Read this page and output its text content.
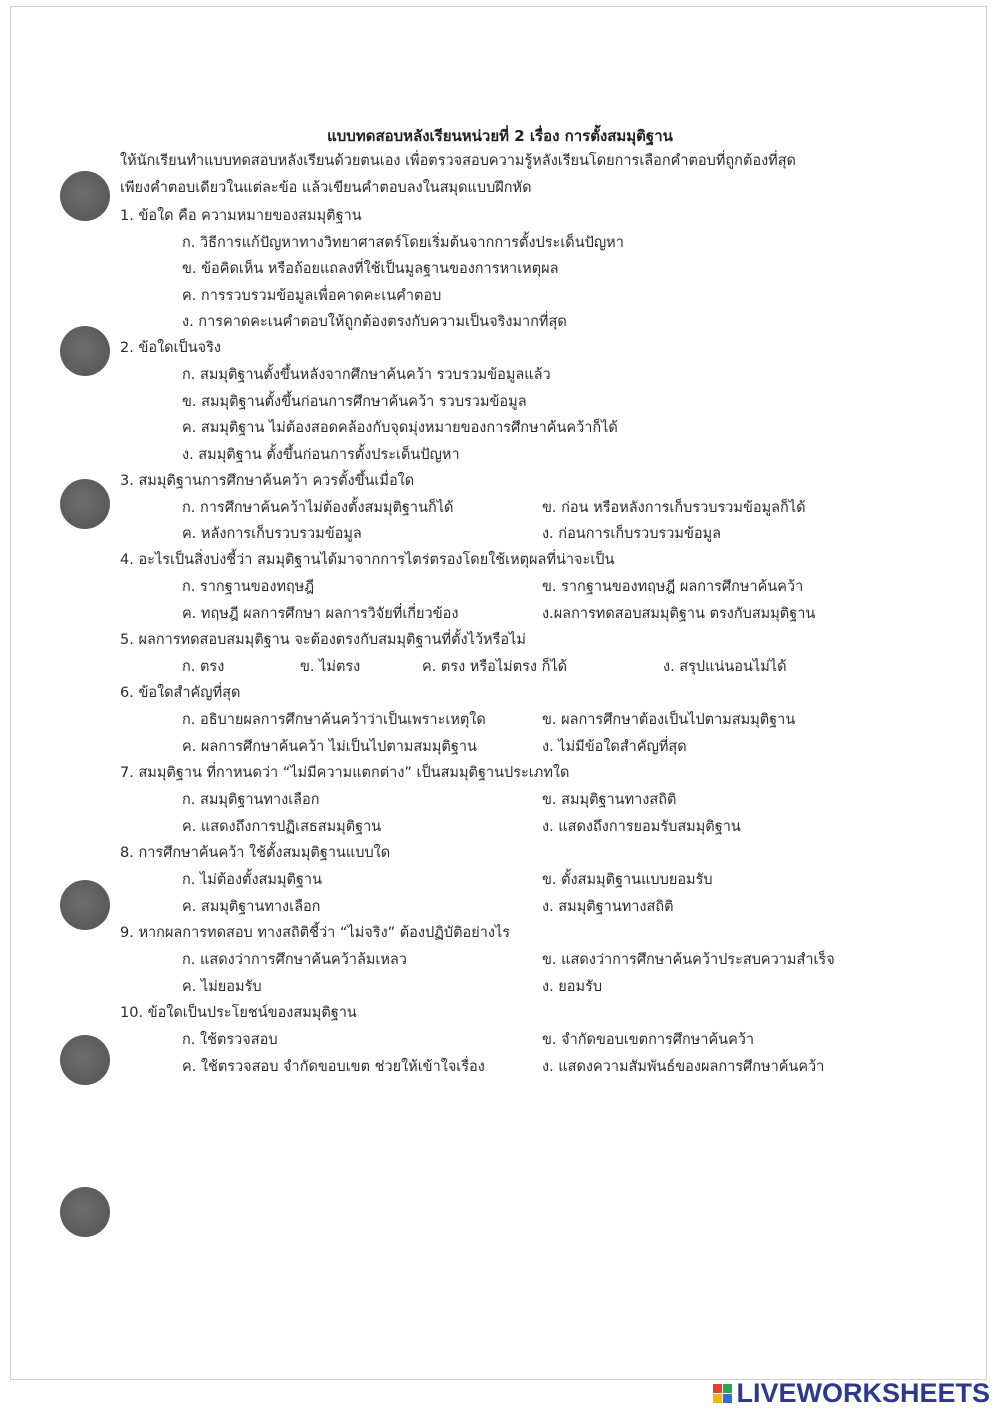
แบบทดสอบหลังเรียนหน่วยที่ 2 เรื่อง การตั้งสมมุติฐาน
ให้นักเรียนทำแบบทดสอบหลังเรียนด้วยตนเอง เพื่อตรวจสอบความรู้หลังเรียนโดยการเลือกคำตอบที่ถูกต้องที่สุด
เพียงคำตอบเดียวในแต่ละข้อ แล้วเขียนคำตอบลงในสมุดแบบฝึกหัด
1. ข้อใด คือ ความหมายของสมมุติฐาน
ก. วิธีการแก้ปัญหาทางวิทยาศาสตร์โดยเริ่มต้นจากการตั้งประเด็นปัญหา
ข. ข้อคิดเห็น หรือถ้อยแถลงที่ใช้เป็นมูลฐานของการหาเหตุผล
ค. การรวบรวมข้อมูลเพื่อคาดคะเนคำตอบ
ง. การคาดคะเนคำตอบให้ถูกต้องตรงกับความเป็นจริงมากที่สุด
2. ข้อใดเป็นจริง
ก. สมมุติฐานตั้งขึ้นหลังจากศึกษาค้นคว้า รวบรวมข้อมูลแล้ว
ข. สมมุติฐานตั้งขึ้นก่อนการศึกษาค้นคว้า รวบรวมข้อมูล
ค. สมมุติฐาน ไม่ต้องสอดคล้องกับจุดมุ่งหมายของการศึกษาค้นคว้าก็ได้
ง. สมมุติฐาน ตั้งขึ้นก่อนการตั้งประเด็นปัญหา
3. สมมุติฐานการศึกษาค้นคว้า ควรตั้งขึ้นเมื่อใด
ก. การศึกษาค้นคว้าไม่ต้องตั้งสมมุติฐานก็ได้	ข. ก่อน หรือหลังการเก็บรวบรวมข้อมูลก็ได้
ค. หลังการเก็บรวบรวมข้อมูล	ง. ก่อนการเก็บรวบรวมข้อมูล
4. อะไรเป็นสิ่งบ่งชี้ว่า สมมุติฐานได้มาจากการไตร่ตรองโดยใช้เหตุผลที่น่าจะเป็น
ก. รากฐานของทฤษฎี	ข. รากฐานของทฤษฎี ผลการศึกษาค้นคว้า
ค. ทฤษฎี ผลการศึกษา ผลการวิจัยที่เกี่ยวข้อง	ง.ผลการทดสอบสมมุติฐาน ตรงกับสมมุติฐาน
5. ผลการทดสอบสมมุติฐาน จะต้องตรงกับสมมุติฐานที่ตั้งไว้หรือไม่
ก. ตรง	ข. ไม่ตรง	ค. ตรง หรือไม่ตรง ก็ได้	ง. สรุปแน่นอนไม่ได้
6. ข้อใดสำคัญที่สุด
ก. อธิบายผลการศึกษาค้นคว้าว่าเป็นเพราะเหตุใด	ข. ผลการศึกษาต้องเป็นไปตามสมมุติฐาน
ค. ผลการศึกษาค้นคว้า ไม่เป็นไปตามสมมุติฐาน	ง. ไม่มีข้อใดสำคัญที่สุด
7. สมมุติฐาน ที่กาหนดว่า “ไม่มีความแตกต่าง” เป็นสมมุติฐานประเภทใด
ก. สมมุติฐานทางเลือก	ข. สมมุติฐานทางสถิติ
ค. แสดงถึงการปฏิเสธสมมุติฐาน	ง. แสดงถึงการยอมรับสมมุติฐาน
8. การศึกษาค้นคว้า ใช้ตั้งสมมุติฐานแบบใด
ก. ไม่ต้องตั้งสมมุติฐาน	ข. ตั้งสมมุติฐานแบบยอมรับ
ค. สมมุติฐานทางเลือก	ง. สมมุติฐานทางสถิติ
9. หากผลการทดสอบ ทางสถิติชี้ว่า “ไม่จริง” ต้องปฏิบัติอย่างไร
ก. แสดงว่าการศึกษาค้นคว้าล้มเหลว	ข. แสดงว่าการศึกษาค้นคว้าประสบความสำเร็จ
ค. ไม่ยอมรับ	ง. ยอมรับ
10. ข้อใดเป็นประโยชน์ของสมมุติฐาน
ก. ใช้ตรวจสอบ	ข. จำกัดขอบเขตการศึกษาค้นคว้า
ค. ใช้ตรวจสอบ จำกัดขอบเขต ช่วยให้เข้าใจเรื่อง	ง. แสดงความสัมพันธ์ของผลการศึกษาค้นคว้า
LIVEWORKSHEETS
